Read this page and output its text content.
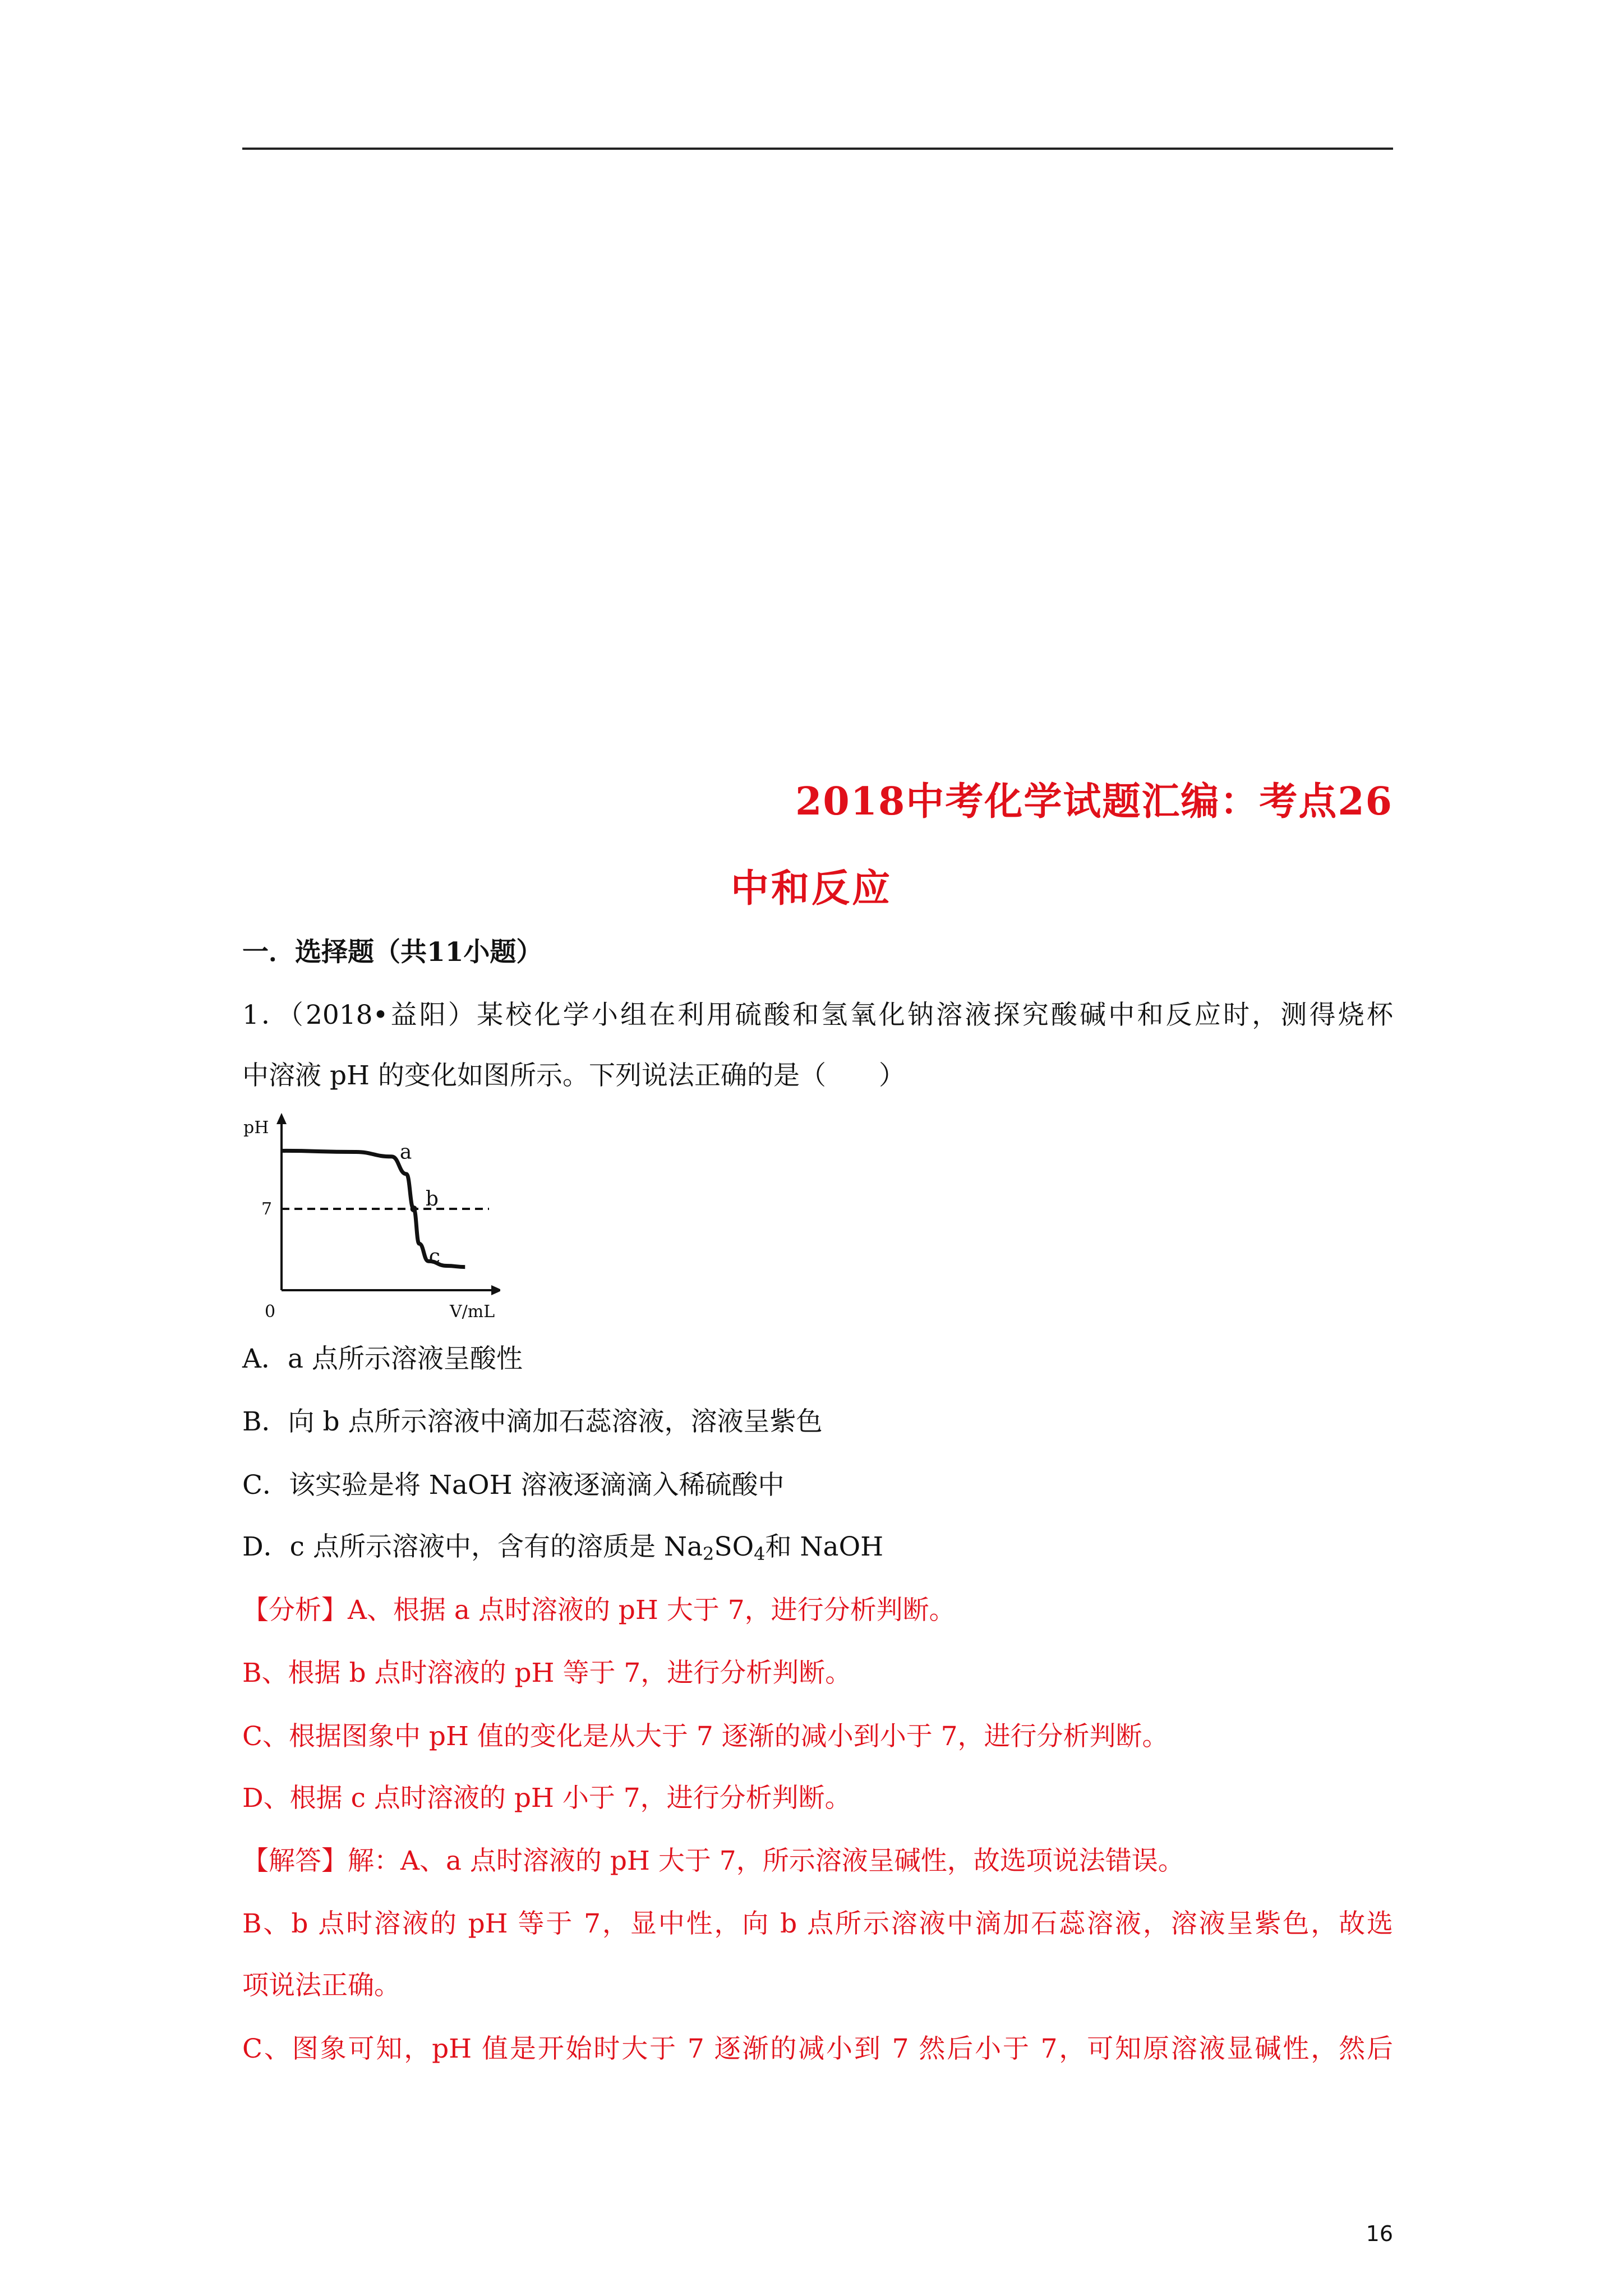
2018中考化学试题汇编：考点26
中和反应
一．选择题（共11小题）
1．（2018•益阳）某校化学小组在利用硫酸和氢氧化钠溶液探究酸碱中和反应时，测得烧杯
中溶液 pH 的变化如图所示。下列说法正确的是（　　）
pH
V/mL
0
7
a
b
c
A．a 点所示溶液呈酸性
B．向 b 点所示溶液中滴加石蕊溶液，溶液呈紫色
C．该实验是将 NaOH 溶液逐滴滴入稀硫酸中
D．c 点所示溶液中，含有的溶质是 $Na_2SO_4$和 NaOH
【分析】A、根据 a 点时溶液的 pH 大于 7，进行分析判断。
B、根据 b 点时溶液的 pH 等于 7，进行分析判断。
C、根据图象中 pH 值的变化是从大于 7 逐渐的减小到小于 7，进行分析判断。
D、根据 c 点时溶液的 pH 小于 7，进行分析判断。
【解答】解：A、a 点时溶液的 pH 大于 7，所示溶液呈碱性，故选项说法错误。
B、b 点时溶液的 pH 等于 7，显中性，向 b 点所示溶液中滴加石蕊溶液，溶液呈紫色，故选
项说法正确。
C、图象可知，pH 值是开始时大于 7 逐渐的减小到 7 然后小于 7，可知原溶液显碱性，然后
16
